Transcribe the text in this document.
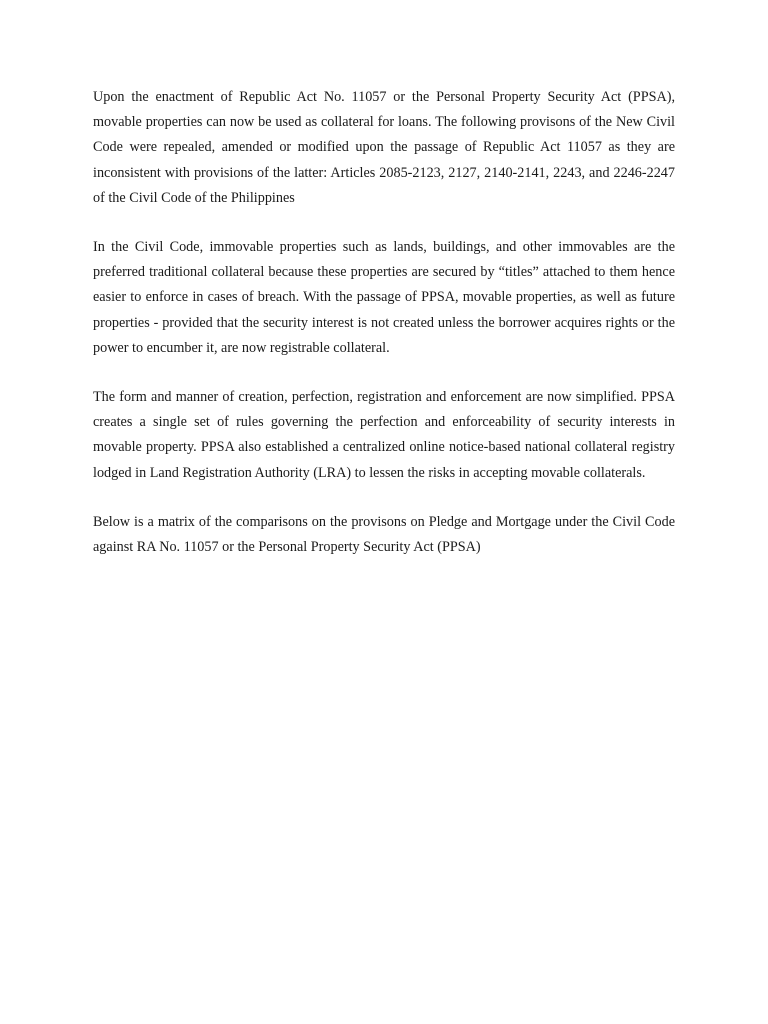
Upon the enactment of Republic Act No. 11057 or the Personal Property Security Act (PPSA), movable properties can now be used as collateral for loans. The following provisons of the New Civil Code were repealed, amended or modified upon the passage of Republic Act 11057 as they are inconsistent with provisions of the latter: Articles 2085-2123, 2127, 2140-2141, 2243, and 2246-2247 of the Civil Code of the Philippines

In the Civil Code, immovable properties such as lands, buildings, and other immovables are the preferred traditional collateral because these properties are secured by “titles” attached to them hence easier to enforce in cases of breach. With the passage of PPSA, movable properties, as well as future properties - provided that the security interest is not created unless the borrower acquires rights or the power to encumber it, are now registrable collateral.

The form and manner of creation, perfection, registration and enforcement are now simplified. PPSA creates a single set of rules governing the perfection and enforceability of security interests in movable property. PPSA also established a centralized online notice-based national collateral registry lodged in Land Registration Authority (LRA) to lessen the risks in accepting movable collaterals.

Below is a matrix of the comparisons on the provisons on Pledge and Mortgage under the Civil Code against RA No. 11057 or the Personal Property Security Act (PPSA)
